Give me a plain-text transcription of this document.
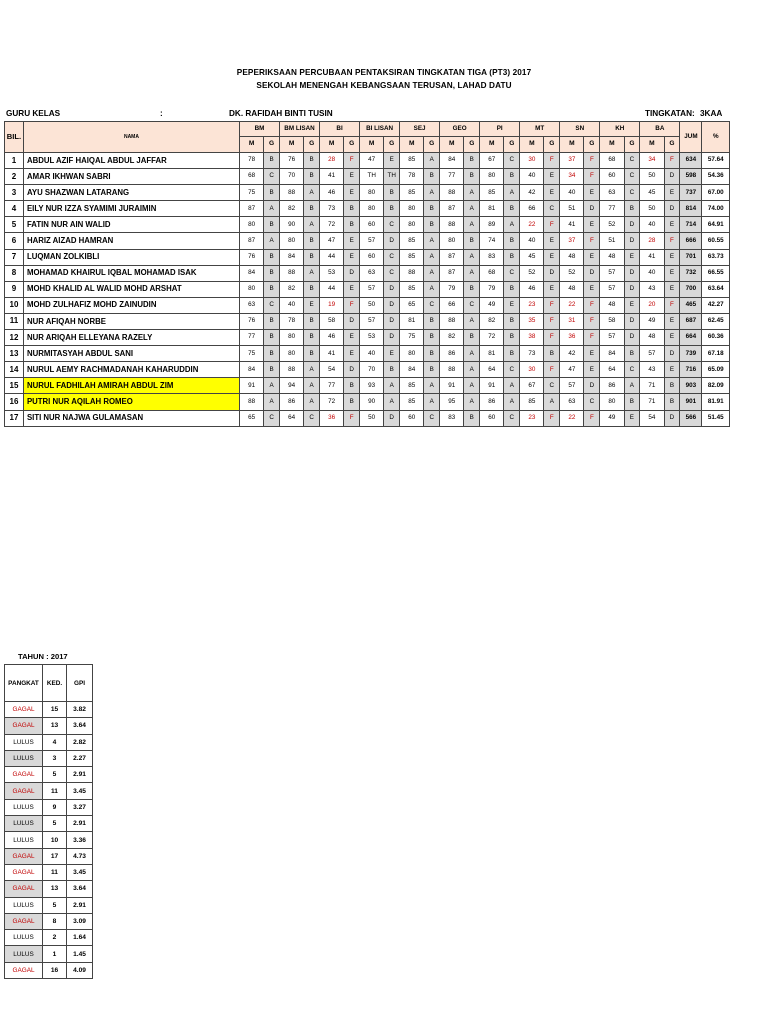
PEPERIKSAAN PERCUBAAN PENTAKSIRAN TINGKATAN TIGA (PT3) 2017
SEKOLAH MENENGAH KEBANGSAAN TERUSAN, LAHAD DATU
GURU KELAS	:	DK. RAFIDAH BINTI TUSIN	TINGKATAN: 3KAA
BIL.	NAMA	BM		BM LISAN		BI		BI LISAN		SEJ		GEO		PI		MT		SN		KH		BA		JUM	%
		M	G	M	G	M	G	M	G	M	G	M	G	M	G	M	G	M	G	M	G	M	G		
1	ABDUL AZIF HAIQAL ABDUL JAFFAR	78	B	76	B	28	F	47	E	85	A	84	B	67	C	30	F	37	F	68	C	34	F	634	57.64
2	AMAR IKHWAN SABRI	68	C	70	B	41	E	TH	TH	78	B	77	B	80	B	40	E	34	F	60	C	50	D	598	54.36
3	AYU SHAZWAN LATARANG	75	B	88	A	46	E	80	B	85	A	88	A	85	A	42	E	40	E	63	C	45	E	737	67.00
4	EILY NUR IZZA SYAMIMI JURAIMIN	87	A	82	B	73	B	80	B	80	B	87	A	81	B	66	C	51	D	77	B	50	D	814	74.00
5	FATIN NUR AIN WALID	80	B	90	A	72	B	60	C	80	B	88	A	89	A	22	F	41	E	52	D	40	E	714	64.91
6	HARIZ AIZAD HAMRAN	87	A	80	B	47	E	57	D	85	A	80	B	74	B	40	E	37	F	51	D	28	F	666	60.55
7	LUQMAN ZOLKIBLI	76	B	84	B	44	E	60	C	85	A	87	A	83	B	45	E	48	E	48	E	41	E	701	63.73
8	MOHAMAD KHAIRUL IQBAL MOHAMAD ISAK	84	B	88	A	53	D	63	C	88	A	87	A	68	C	52	D	52	D	57	D	40	E	732	66.55
9	MOHD KHALID AL WALID MOHD ARSHAT	80	B	82	B	44	E	57	D	85	A	79	B	79	B	46	E	48	E	57	D	43	E	700	63.64
10	MOHD ZULHAFIZ MOHD ZAINUDIN	63	C	40	E	19	F	50	D	65	C	66	C	49	E	23	F	22	F	48	E	20	F	465	42.27
11	NUR AFIQAH NORBE	76	B	78	B	58	D	57	D	81	B	88	A	82	B	35	F	31	F	58	D	49	E	687	62.45
12	NUR ARIQAH ELLEYANA RAZELY	77	B	80	B	46	E	53	D	75	B	82	B	72	B	38	F	36	F	57	D	48	E	664	60.36
13	NURMITASYAH ABDUL SANI	75	B	80	B	41	E	40	E	80	B	86	A	81	B	73	B	42	E	84	B	57	D	739	67.18
14	NURUL AEMY RACHMADANAH KAHARUDDIN	84	B	88	A	54	D	70	B	84	B	88	A	64	C	30	F	47	E	64	C	43	E	716	65.09
15	NURUL FADHILAH AMIRAH ABDUL ZIM	91	A	94	A	77	B	93	A	85	A	91	A	91	A	67	C	57	D	86	A	71	B	903	82.09
16	PUTRI NUR AQILAH ROMEO	88	A	86	A	72	B	90	A	85	A	95	A	86	A	85	A	63	C	80	B	71	B	901	81.91
17	SITI NUR NAJWA GULAMASAN	65	C	64	C	36	F	50	D	60	C	83	B	60	C	23	F	22	F	49	E	54	D	566	51.45
TAHUN : 2017
PANGKAT	KED.	GPI
GAGAL	15	3.82
GAGAL	13	3.64
LULUS	4	2.82
LULUS	3	2.27
GAGAL	5	2.91
GAGAL	11	3.45
LULUS	9	3.27
LULUS	5	2.91
LULUS	10	3.36
GAGAL	17	4.73
GAGAL	11	3.45
GAGAL	13	3.64
LULUS	5	2.91
GAGAL	8	3.09
LULUS	2	1.64
LULUS	1	1.45
GAGAL	16	4.09
